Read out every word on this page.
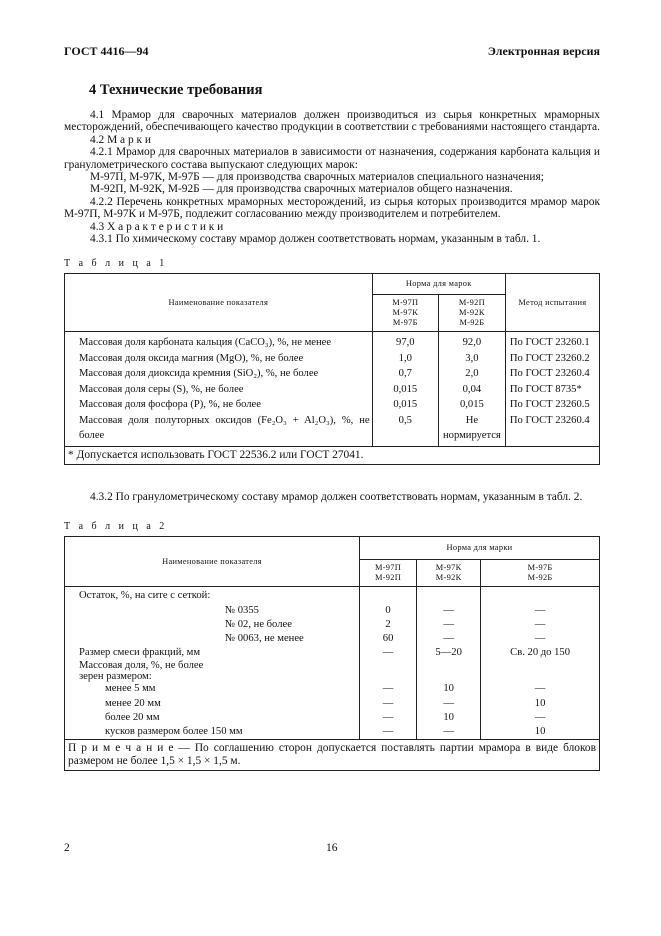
ГОСТ 4416—94	Электронная версия
4 Технические требования

4.1 Мрамор для сварочных материалов должен производиться из сырья конкретных мраморных месторождений, обеспечивающего качество продукции в соответствии с требованиями настоящего стандарта.

4.2 М а р к и

4.2.1 Мрамор для сварочных материалов в зависимости от назначения, содержания карбоната кальция и гранулометрического состава выпускают следующих марок:

М-97П, М-97К, М-97Б — для производства сварочных материалов специального назначения;

М-92П, М-92К, М-92Б — для производства сварочных материалов общего назначения.

4.2.2 Перечень конкретных мраморных месторождений, из сырья которых производится мрамор марок М-97П, М-97К и М-97Б, подлежит согласованию между производителем и потребителем.

4.3 Х а р а к т е р и с т и к и

4.3.1 По химическому составу мрамор должен соответствовать нормам, указанным в табл. 1.

Т а б л и ц а 1
Наименование показателя	Норма для марок		Метод испытания
	М-97П
М-97К
М-97Б	М-92П
М-92К
М-92Б	
Массовая доля карбоната кальция (CaCO₃), %, не менее	97,0	92,0	По ГОСТ 23260.1
Массовая доля оксида магния (MgO), %, не более	1,0	3,0	По ГОСТ 23260.2
Массовая доля диоксида кремния (SiO₂), %, не более	0,7	2,0	По ГОСТ 23260.4
Массовая доля серы (S), %, не более	0,015	0,04	По ГОСТ 8735*
Массовая доля фосфора (P), %, не более	0,015	0,015	По ГОСТ 23260.5
Массовая доля полуторных оксидов (Fe₂O₃ + Al₂O₃), %, не более	0,5	Не нормируется	По ГОСТ 23260.4
* Допускается использовать ГОСТ 22536.2 или ГОСТ 27041.			

4.3.2 По гранулометрическому составу мрамор должен соответствовать нормам, указанным в табл. 2.

Т а б л и ц а 2
Наименование показателя	Норма для марки		
	М-97П
М-92П	М-97К
М-92К	М-97Б
М-92Б
Остаток, %, на сите с сеткой:			
№ 0355	0	—	—
№ 02, не более	2	—	—
№ 0063, не менее	60	—	—
Размер смеси фракций, мм	—	5—20	Св. 20 до 150
Массовая доля, %, не более зерен размером:			
менее 5 мм	—	10	—
менее 20 мм	—	—	10
более 20 мм	—	10	—
кусков размером более 150 мм	—	—	10
П р и м е ч а н и е — По соглашению сторон допускается поставлять партии мрамора в виде блоков размером не более 1,5 × 1,5 × 1,5 м.			
2	16
